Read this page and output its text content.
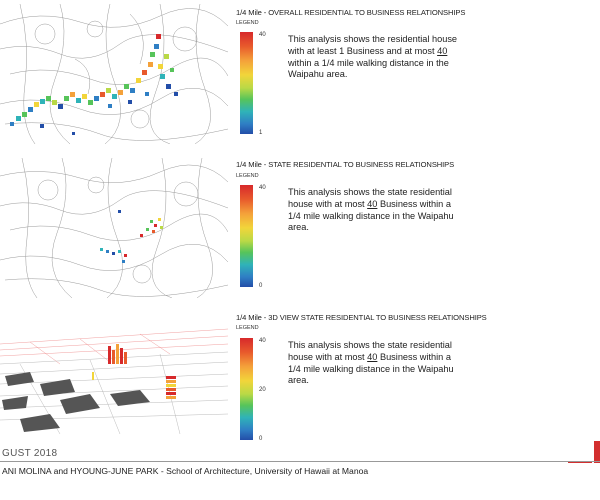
1/4 Mile - OVERALL RESIDENTIAL TO BUSINESS RELATIONSHIPS
LEGEND
40
1
This analysis shows the residential house with at least 1 Business and at most 40 within a 1/4 mile walking distance in the Waipahu area.
1/4 Mile - STATE RESIDENTIAL TO BUSINESS RELATIONSHIPS
LEGEND
40
0
This analysis shows the state residential house with at most 40 Business within a 1/4 mile walking distance in the Waipahu area.
1/4 Mile - 3D VIEW STATE RESIDENTIAL TO BUSINESS RELATIONSHIPS
LEGEND
40
20
0
This analysis shows the state residential house with at most 40 Business within a 1/4 mile walking distance in the Waipahu area.
GUST 2018
ANI MOLINA and HYOUNG-JUNE PARK - School of Architecture, University of Hawaii at Manoa
